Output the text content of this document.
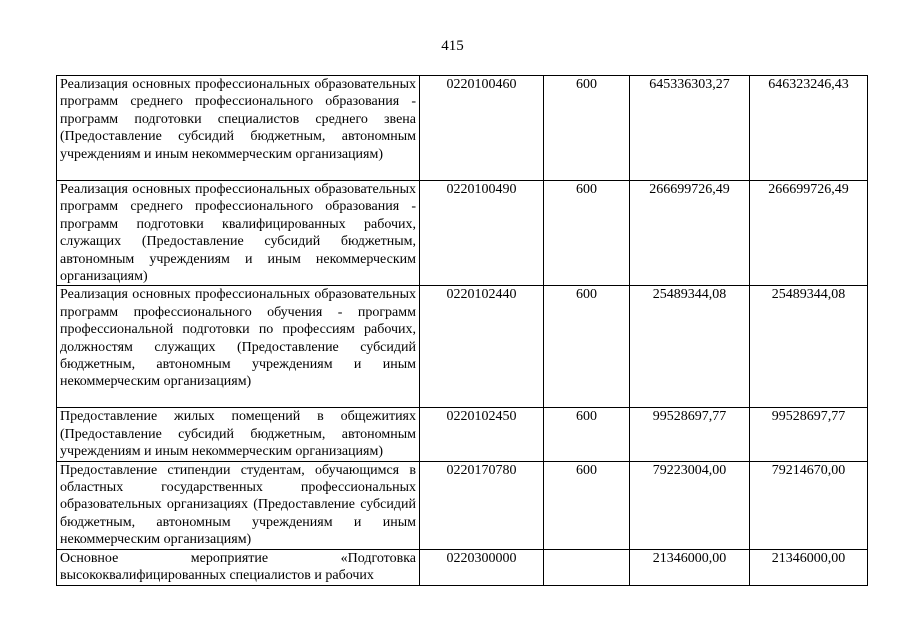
415
Реализация основных профессиональных образовательных программ среднего профессионального образования - программ подготовки специалистов среднего звена (Предоставление субсидий бюджетным, автономным учреждениям и иным некоммерческим организациям)	0220100460	600	645336303,27	646323246,43

Реализация основных профессиональных образовательных программ среднего профессионального образования - программ подготовки квалифицированных рабочих, служащих (Предоставление субсидий бюджетным, автономным учреждениям и иным некоммерческим организациям)	0220100490	600	266699726,49	266699726,49

Реализация основных профессиональных образовательных программ профессионального обучения - программ профессиональной подготовки по профессиям рабочих, должностям служащих (Предоставление субсидий бюджетным, автономным учреждениям и иным некоммерческим организациям)	0220102440	600	25489344,08	25489344,08

Предоставление жилых помещений в общежитиях (Предоставление субсидий бюджетным, автономным учреждениям и иным некоммерческим организациям)	0220102450	600	99528697,77	99528697,77

Предоставление стипендии студентам, обучающимся в областных государственных профессиональных образовательных организациях (Предоставление субсидий бюджетным, автономным учреждениям и иным некоммерческим организациям)	0220170780	600	79223004,00	79214670,00

Основное мероприятие «Подготовка высококвалифицированных специалистов и рабочих	0220300000		21346000,00	21346000,00
